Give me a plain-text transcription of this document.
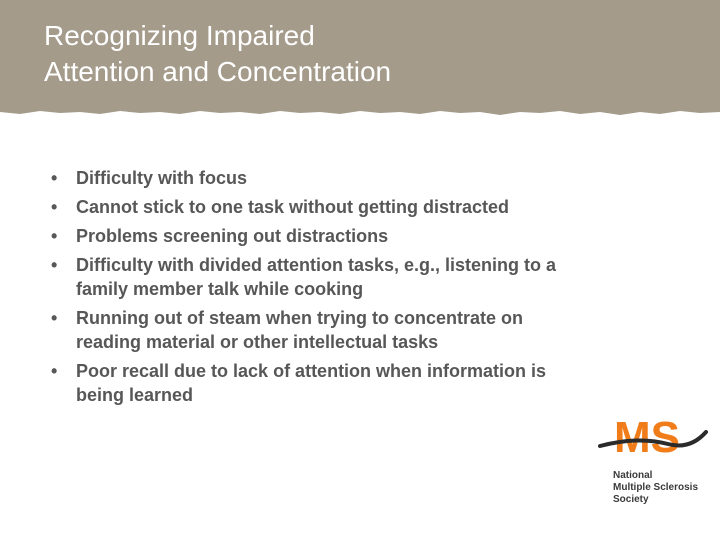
Recognizing Impaired
Attention and Concentration
• Difficulty with focus
• Cannot stick to one task without getting distracted
• Problems screening out distractions
• Difficulty with divided attention tasks, e.g., listening to a
family member talk while cooking
• Running out of steam when trying to concentrate on
reading material or other intellectual tasks
• Poor recall due to lack of attention when information is
being learned
MS
National
Multiple Sclerosis
Society
